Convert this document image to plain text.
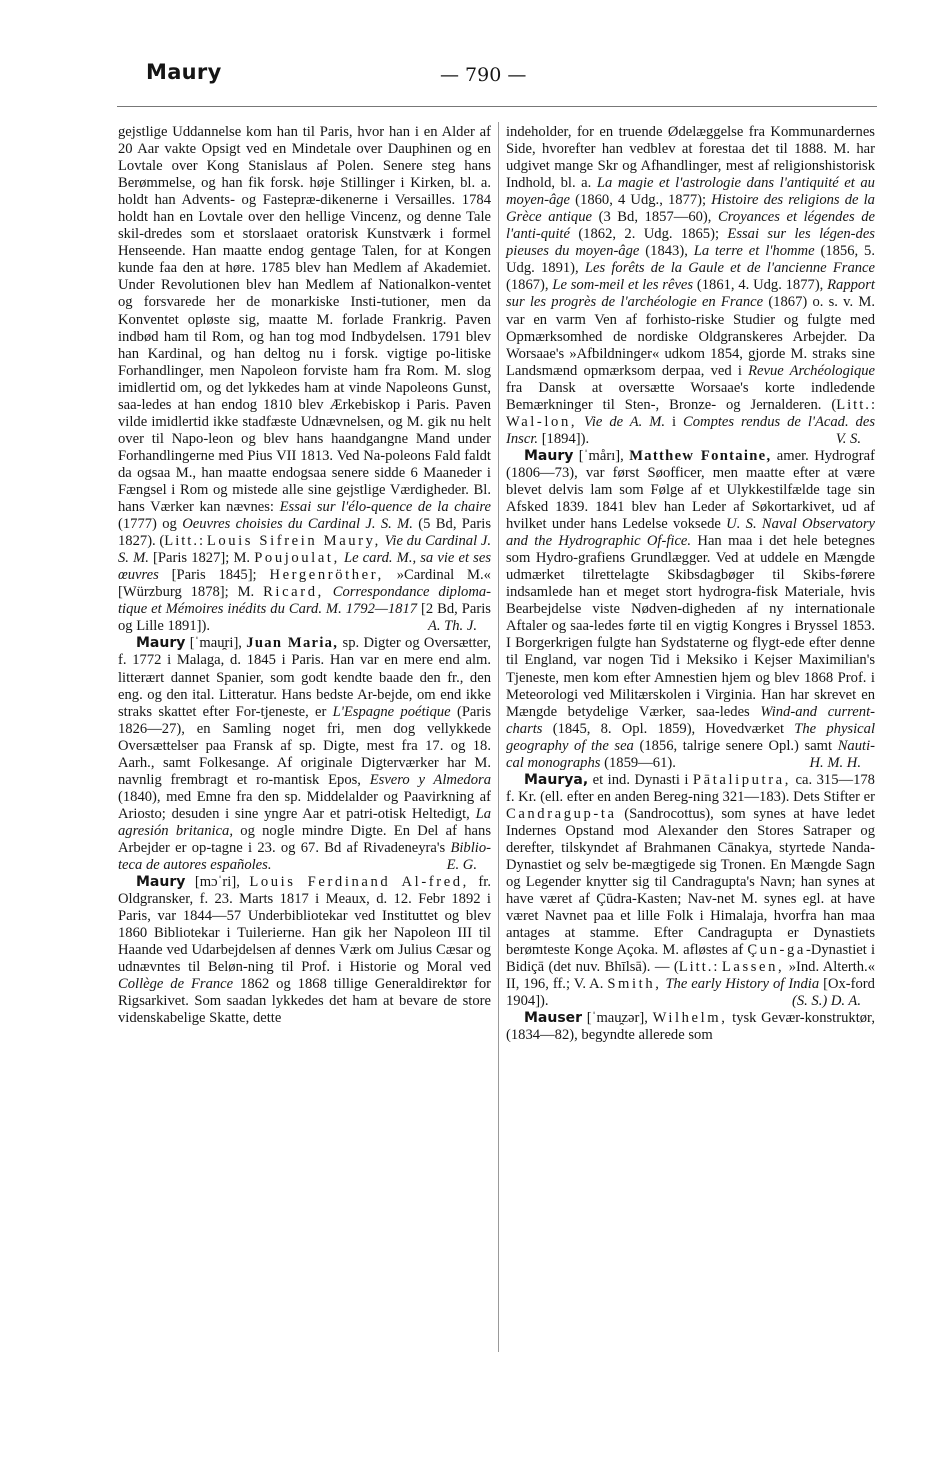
Maury	— 790 —

gejstlige Uddannelse kom han til Paris, hvor han i en Alder af 20 Aar vakte Opsigt ved en Mindetale over Dauphinen og en Lovtale over Kong Stanislaus af Polen. Senere steg hans Berømmelse, og han fik forsk. høje Stillinger i Kirken, bl. a. holdt han Advents- og Fastepræ-dikenerne i Versailles. 1784 holdt han en Lovtale over den hellige Vincenz, og denne Tale skil-dredes som et storslaaet oratorisk Kunstværk i formel Henseende. Han maatte endog gentage Talen, for at Kongen kunde faa den at høre. 1785 blev han Medlem af Akademiet. Under Revolutionen blev han Medlem af Nationalkon-ventet og forsvarede her de monarkiske Insti-tutioner, men da Konventet opløste sig, maatte M. forlade Frankrig. Paven indbød ham til Rom, og han tog mod Indbydelsen. 1791 blev han Kardinal, og han deltog nu i forsk. vigtige po-litiske Forhandlinger, men Napoleon forviste ham fra Rom. M. slog imidlertid om, og det lykkedes ham at vinde Napoleons Gunst, saa-ledes at han endog 1810 blev Ærkebiskop i Paris. Paven vilde imidlertid ikke stadfæste Udnævnelsen, og M. gik nu helt over til Napo-leon og blev hans haandgangne Mand under Forhandlingerne med Pius VII 1813. Ved Na-poleons Fald faldt da ogsaa M., han maatte endogsaa senere sidde 6 Maaneder i Fængsel i Rom og mistede alle sine gejstlige Værdigheder. Bl. hans Værker kan nævnes: Essai sur l'élo-quence de la chaire (1777) og Oeuvres choisies du Cardinal J. S. M. (5 Bd, Paris 1827). (Litt.: Louis Sifrein Maury, Vie du Cardinal J. S. M. [Paris 1827]; M. Poujoulat, Le card. M., sa vie et ses œuvres [Paris 1845]; Hergenröther, »Cardinal M.« [Würzburg 1878]; M. Ricard, Correspondance diploma-tique et Mémoires inédits du Card. M. 1792—1817 [2 Bd, Paris og Lille 1891]).	A. Th. J.

Maury [ˈmau̯ri], Juan Maria, sp. Digter og Oversætter, f. 1772 i Malaga, d. 1845 i Paris. Han var en mere end alm. litterært dannet Spanier, som godt kendte baade den fr., den eng. og den ital. Litteratur. Hans bedste Ar-bejde, om end ikke straks skattet efter For-tjeneste, er L'Espagne poétique (Paris 1826—27), en Samling noget fri, men dog vellykkede Oversættelser paa Fransk af sp. Digte, mest fra 17. og 18. Aarh., samt Folkesange. Af originale Digterværker har M. navnlig frembragt et ro-mantisk Epos, Esvero y Almedora (1840), med Emne fra den sp. Middelalder og Paavirkning af Ariosto; desuden i sine yngre Aar et patri-otisk Heltedigt, La agresión britanica, og nogle mindre Digte. En Del af hans Arbejder er op-tagne i 23. og 67. Bd af Rivadeneyra's Biblio-teca de autores españoles.	E. G.

Maury [mɔˈri], Louis Ferdinand Al-fred, fr. Oldgransker, f. 23. Marts 1817 i Meaux, d. 12. Febr 1892 i Paris, var 1844—57 Underbibliotekar ved Instituttet og blev 1860 Bibliotekar i Tuilerierne. Han gik her Napoleon III til Haande ved Udarbejdelsen af dennes Værk om Julius Cæsar og udnævntes til Beløn-ning til Prof. i Historie og Moral ved Collège de France 1862 og 1868 tillige Generaldirektør for Rigsarkivet. Som saadan lykkedes det ham at bevare de store videnskabelige Skatte, dette

indeholder, for en truende Ødelæggelse fra Kommunardernes Side, hvorefter han vedblev at forestaa det til 1888. M. har udgivet mange Skr og Afhandlinger, mest af religionshistorisk Indhold, bl. a. La magie et l'astrologie dans l'antiquité et au moyen-âge (1860, 4 Udg., 1877); Histoire des religions de la Grèce antique (3 Bd, 1857—60), Croyances et légendes de l'anti-quité (1862, 2. Udg. 1865); Essai sur les légen-des pieuses du moyen-âge (1843), La terre et l'homme (1856, 5. Udg. 1891), Les forêts de la Gaule et de l'ancienne France (1867), Le som-meil et les rêves (1861, 4. Udg. 1877), Rapport sur les progrès de l'archéologie en France (1867) o. s. v. M. var en varm Ven af forhisto-riske Studier og fulgte med Opmærksomhed de nordiske Oldgranskeres Arbejder. Da Worsaae's »Afbildninger« udkom 1854, gjorde M. straks sine Landsmænd opmærksom derpaa, ved i Revue Archéologique fra Dansk at oversætte Worsaae's korte indledende Bemærkninger til Sten-, Bronze- og Jernalderen. (Litt.: Wal-lon, Vie de A. M. i Comptes rendus de l'Acad. des Inscr. [1894]).	V. S.

Maury [ˈmårı], Matthew Fontaine, amer. Hydrograf (1806—73), var først Søofficer, men maatte efter at være blevet delvis lam som Følge af et Ulykkestilfælde tage sin Afsked 1839. 1841 blev han Leder af Søkortarkivet, ud af hvilket under hans Ledelse voksede U. S. Naval Observatory and the Hydrographic Of-fice. Han maa i det hele betegnes som Hydro-grafiens Grundlægger. Ved at uddele en Mængde udmærket tilrettelagte Skibsdagbøger til Skibs-førere indsamlede han et meget stort hydrogra-fisk Materiale, hvis Bearbejdelse viste Nødven-digheden af ny internationale Aftaler og saa-ledes førte til en vigtig Kongres i Bryssel 1853. I Borgerkrigen fulgte han Sydstaterne og flygt-ede efter denne til England, var nogen Tid i Meksiko i Kejser Maximilian's Tjeneste, men kom efter Amnestien hjem og blev 1868 Prof. i Meteorologi ved Militærskolen i Virginia. Han har skrevet en Mængde betydelige Værker, saa-ledes Wind-and current-charts (1845, 8. Opl. 1859), Hovedværket The physical geography of the sea (1856, talrige senere Opl.) samt Nauti-cal monographs (1859—61).	H. M. H.

Maurya, et ind. Dynasti i Pātaliputra, ca. 315—178 f. Kr. (ell. efter en anden Bereg-ning 321—183). Dets Stifter er Candragup-ta (Sandrocottus), som synes at have ledet Indernes Opstand mod Alexander den Stores Satraper og derefter, tilskyndet af Brahmanen Cānakya, styrtede Nanda-Dynastiet og selv be-mægtigede sig Tronen. En Mængde Sagn og Legender knytter sig til Candragupta's Navn; han synes at have været af Çūdra-Kasten; Nav-net M. synes egl. at have været Navnet paa et lille Folk i Himalaja, hvorfra han maa antages at stamme. Efter Candragupta er Dynastiets berømteste Konge Açoka. M. afløstes af Çun-ga-Dynastiet i Bidiçā (det nuv. Bhīlsā). — (Litt.: Lassen, »Ind. Alterth.« II, 196, ff.; V. A. Smith, The early History of India [Ox-ford 1904]).	(S. S.) D. A.

Mauser [ˈmau̯zər], Wilhelm, tysk Gevær-konstruktør, (1834—82), begyndte allerede som
